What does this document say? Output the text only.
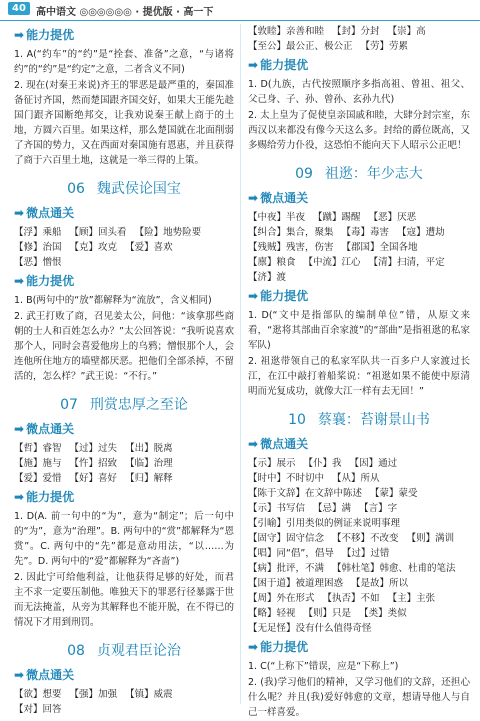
40	高中语文 ◎◎◎◎◎◎ · 提优版 · 高一下
➡ 能力提优

1. A(“约车”的“约”是“拴套、准备”之意，“与诸将约”的“约”是“约定”之意，二者含义不同)

2. 现在(对秦王来说)齐王的罪恶是最严重的，秦国准备征讨齐国，然而楚国跟齐国交好，如果大王能先趁国门跟齐国断绝邦交，让我劝说秦王献上商于的土地，方圆六百里。如果这样，那么楚国就在北面削弱了齐国的势力，又在西面对秦国施有恩惠，并且获得了商于六百里土地，这就是一举三得的上策。

06 魏武侯论国宝
➡ 微点通关
【浮】乘船 【顾】回头看 【险】地势险要【修】治国 【克】攻克 【爱】喜欢【恶】憎恨
➡ 能力提优

1. B(两句中的“放”都解释为“流放”，含义相同)

2. 武王打败了商，召见姜太公，问他：“该拿那些商朝的士人和百姓怎么办？”太公回答说：“我听说喜欢那个人，同时会喜爱他房上的乌鸦；憎恨那个人，会连他所住地方的墙壁都厌恶。把他们全部杀掉，不留活的，怎么样？”武王说：“不行。”

07 刑赏忠厚之至论
➡ 微点通关
【哲】睿智 【过】过失 【出】脱离【施】施与 【忤】招致 【临】治理【爱】爱惜 【好】喜好 【归】解释
➡ 能力提优

1. D(A. 前一句中的“为”，意为“制定”；后一句中的“为”，意为“治理”。B. 两句中的“赏”都解释为“恩赏”。C. 两句中的“先”都是意动用法，“以……为先”。D. 两句中的“爱”都解释为“吝啬”)

2. 因此宁可给他利益，让他获得足够的好处，而君主不求一定要压制他。唯独天下的罪恶行径暴露于世而无法掩盖，从旁为其解释也不能开脱，在不得已的情况下才用到刑罚。

08 贞观君臣论治
➡ 微点通关
【欲】想要 【强】加强 【镇】威震【对】回答
【敦睦】亲善和睦 【封】分封 【崇】高【至公】最公正、极公正 【劳】劳累
➡ 能力提优

1. D(九族，古代按照顺序多指高祖、曾祖、祖父、父己身、子、孙、曾孙、玄孙九代)

2. 太上皇为了促使皇亲国戚和睦，大肆分封宗室，东西汉以来都没有像今天这么多。封给的爵位既高，又多赐给劳力仆役，这恐怕不能向天下人昭示公正吧！

09 祖逖：年少志大
➡ 微点通关
【中夜】半夜 【蹴】踢醒 【恶】厌恶【纠合】集合，聚集 【毒】毒害 【寇】遭劫【残贼】残害，伤害 【郡国】全国各地【廪】粮食 【中流】江心 【清】扫清，平定【济】渡
➡ 能力提优

1. D(“文中是指部队的编制单位”错，从原文来看，“逖将其部曲百余家渡”的“部曲”是指祖逖的私家军队)

2. 祖逖带领自己的私家军队共一百多户人家渡过长江，在江中敲打着船桨说：“祖逖如果不能使中原清明而光复成功，就像大江一样有去无回！”

10 蔡襄：苔谢景山书
➡ 微点通关
【示】展示 【仆】我 【因】通过【时中】不时切中 【从】所从【陈于文辞】在文辞中陈述 【蒙】蒙受【示】书写信 【忌】满 【言】字【引喻】引用类似的例证来说明事理【固守】固守信念 【不移】不改变 【则】满训【唱】同“倡”，倡导 【过】过错【病】批评，不满 【韩杜笔】韩愈、杜甫的笔法【困于道】被道理困惑 【是故】所以【周】外在形式 【执否】不如 【主】主张【略】轻视 【则】只是 【类】类似【无足怪】没有什么值得奇怪
➡ 能力提优

1. C(“上称下”错误，应是“下称上”)

2. (我)学习他们的精神，又学习他们的文辞，还担心什么呢？并且(我)爱好韩愈的文章，想请导他人与自己一样喜爱。
